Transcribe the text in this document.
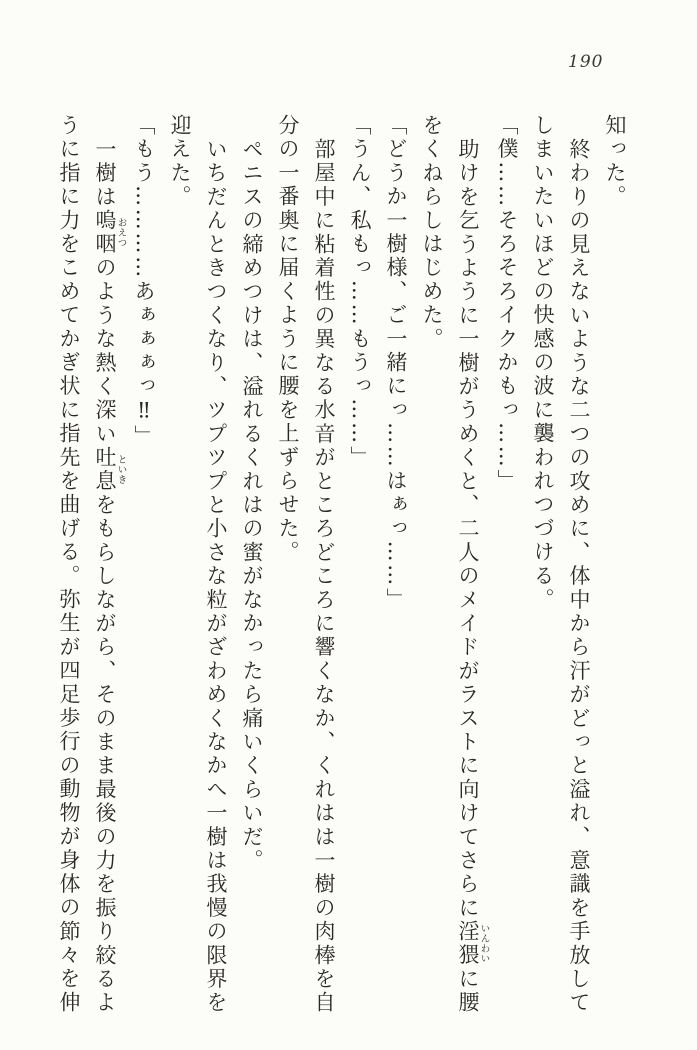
190

知った。

終わりの見えないような二つの攻めに、体中から汗がどっと溢れ、意識を手放してしまいたいほどの快感の波に襲われつづける。

「僕……そろそろイクかもっ……」

助けを乞うように一樹がうめくと、二人のメイドがラストに向けてさらに淫猥いんわいに腰をくねらしはじめた。

「どうか一樹様、ご一緒にっ……はぁっ……」

「うん、私もっ……もうっ……」

部屋中に粘着性の異なる水音がところどころに響くなか、くれはは一樹の肉棒を自分の一番奥に届くように腰を上ずらせた。

ペニスの締めつけは、溢れるくれはの蜜がなかったら痛いくらいだ。

いちだんときつくなり、ツプツプと小さな粒がざわめくなかへ一樹は我慢の限界を迎えた。

「もう…………あぁぁぁっ‼」

一樹は嗚咽おえつのような熱く深い吐息といきをもらしながら、そのまま最後の力を振り絞るように指に力をこめてかぎ状に指先を曲げる。弥生が四足歩行の動物が身体の節々を伸
